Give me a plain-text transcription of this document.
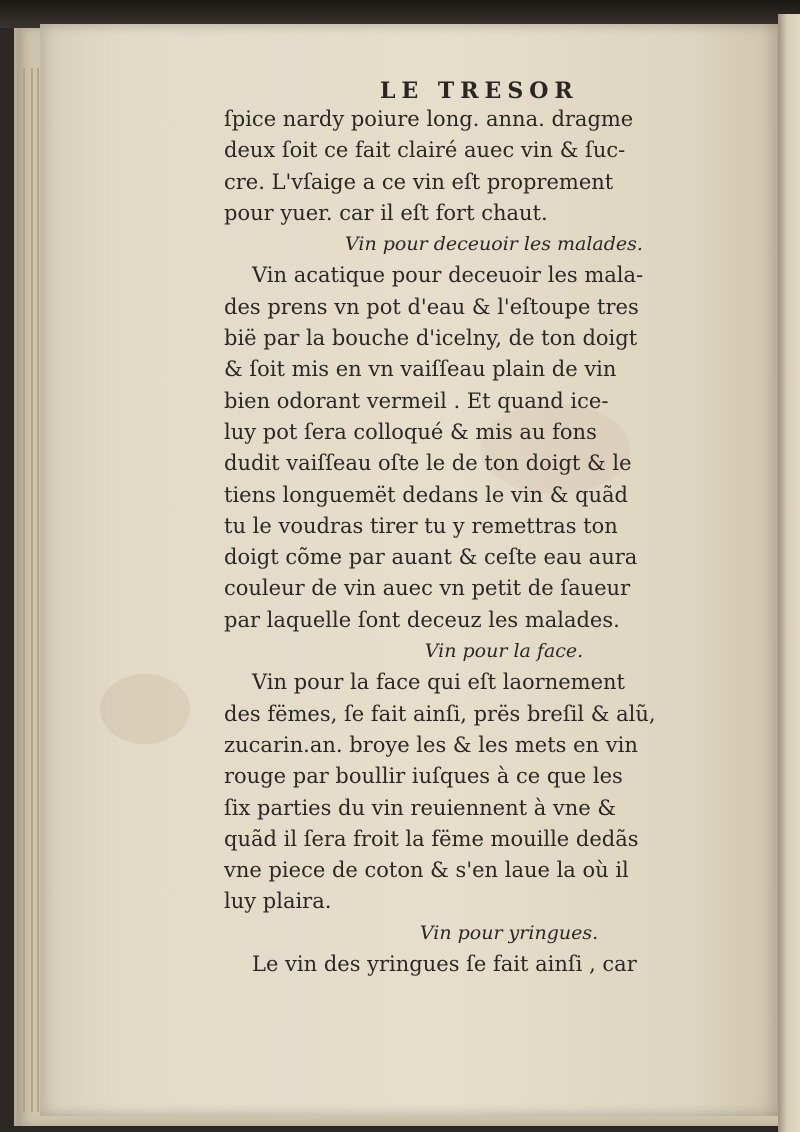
LE TRESOR
ſpice nardy poiure long. anna. dragme
deux ſoit ce fait clairé auec vin & ſuc-
cre. L'vſaige a ce vin eſt proprement
pour yuer. car il eſt fort chaut.
Vin pour deceuoir les malades.
Vin acatique pour deceuoir les mala-
des prens vn pot d'eau & l'eſtoupe tres
bië par la bouche d'icelny, de ton doigt
& ſoit mis en vn vaiſſeau plain de vin
bien odorant vermeil . Et quand ice-
luy pot ſera colloqué & mis au fons
dudit vaiſſeau oſte le de ton doigt & le
tiens longuemët dedans le vin & quãd
tu le voudras tirer tu y remettras ton
doigt cõme par auant & ceſte eau aura
couleur de vin auec vn petit de ſaueur
par laquelle ſont deceuz les malades.
Vin pour la face.
Vin pour la face qui eſt laornement
des fëmes, ſe fait ainſi, prës breſil & alũ,
zucarin.an. broye les & les mets en vin
rouge par boullir iuſques à ce que les
ſix parties du vin reuiennent à vne &
quãd il ſera froit la fëme mouille dedãs
vne piece de coton & s'en laue la où il
luy plaira.
Vin pour yringues.
Le vin des yringues ſe fait ainſi , car
